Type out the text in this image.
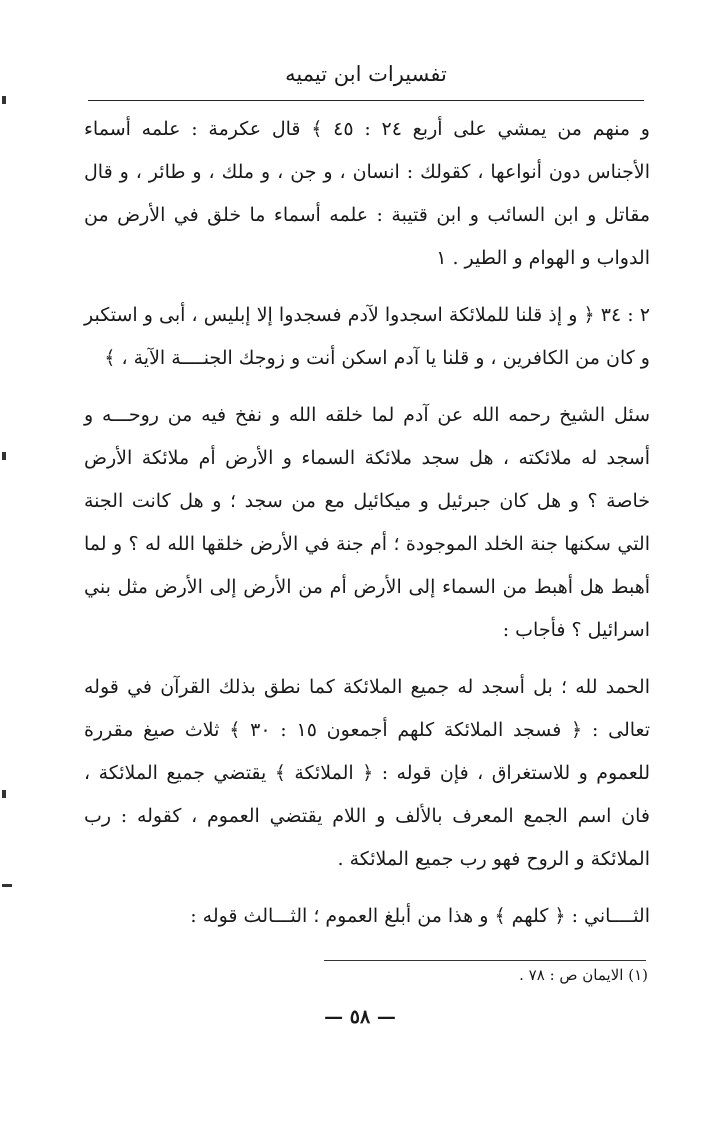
تفسيرات ابن تيميه

و منهم من يمشي على أربع ٢٤ : ٤٥ ﴾ قال عكرمة : علمه أسماء الأجناس دون أنواعها ، كقولك : انسان ، و جن ، و ملك ، و طائر ، و قال مقاتل و ابن السائب و ابن قتيبة : علمه أسماء ما خلق في الأرض من الدواب و الهوام و الطير . ١

٢ : ٣٤ ﴿ و إذ قلنا للملائكة اسجدوا لآدم فسجدوا إلا إبليس ، أبى و استكبر و كان من الكافرين ، و قلنا يا آدم اسكن أنت و زوجك الجنــــة الآية ، ﴾

سئل الشيخ رحمه الله عن آدم لما خلقه الله و نفخ فيه من روحـــه و أسجد له ملائكته ، هل سجد ملائكة السماء و الأرض أم ملائكة الأرض خاصة ؟ و هل كان جبرئيل و ميكائيل مع من سجد ؛ و هل كانت الجنة التي سكنها جنة الخلد الموجودة ؛ أم جنة في الأرض خلقها الله له ؟ و لما أهبط هل أهبط من السماء إلى الأرض أم من الأرض إلى الأرض مثل بني اسرائيل ؟ فأجاب :

الحمد لله ؛ بل أسجد له جميع الملائكة كما نطق بذلك القرآن في قوله تعالى : ﴿ فسجد الملائكة كلهم أجمعون ١٥ : ٣٠ ﴾ ثلاث صيغ مقررة للعموم و للاستغراق ، فإن قوله : ﴿ الملائكة ﴾ يقتضي جميع الملائكة ، فان اسم الجمع المعرف بالألف و اللام يقتضي العموم ، كقوله : رب الملائكة و الروح فهو رب جميع الملائكة .

الثــــاني : ﴿ كلهم ﴾ و هذا من أبلغ العموم ؛ الثـــالث قوله :

(١) الايمان ص : ٧٨ .
— ٥٨ —
